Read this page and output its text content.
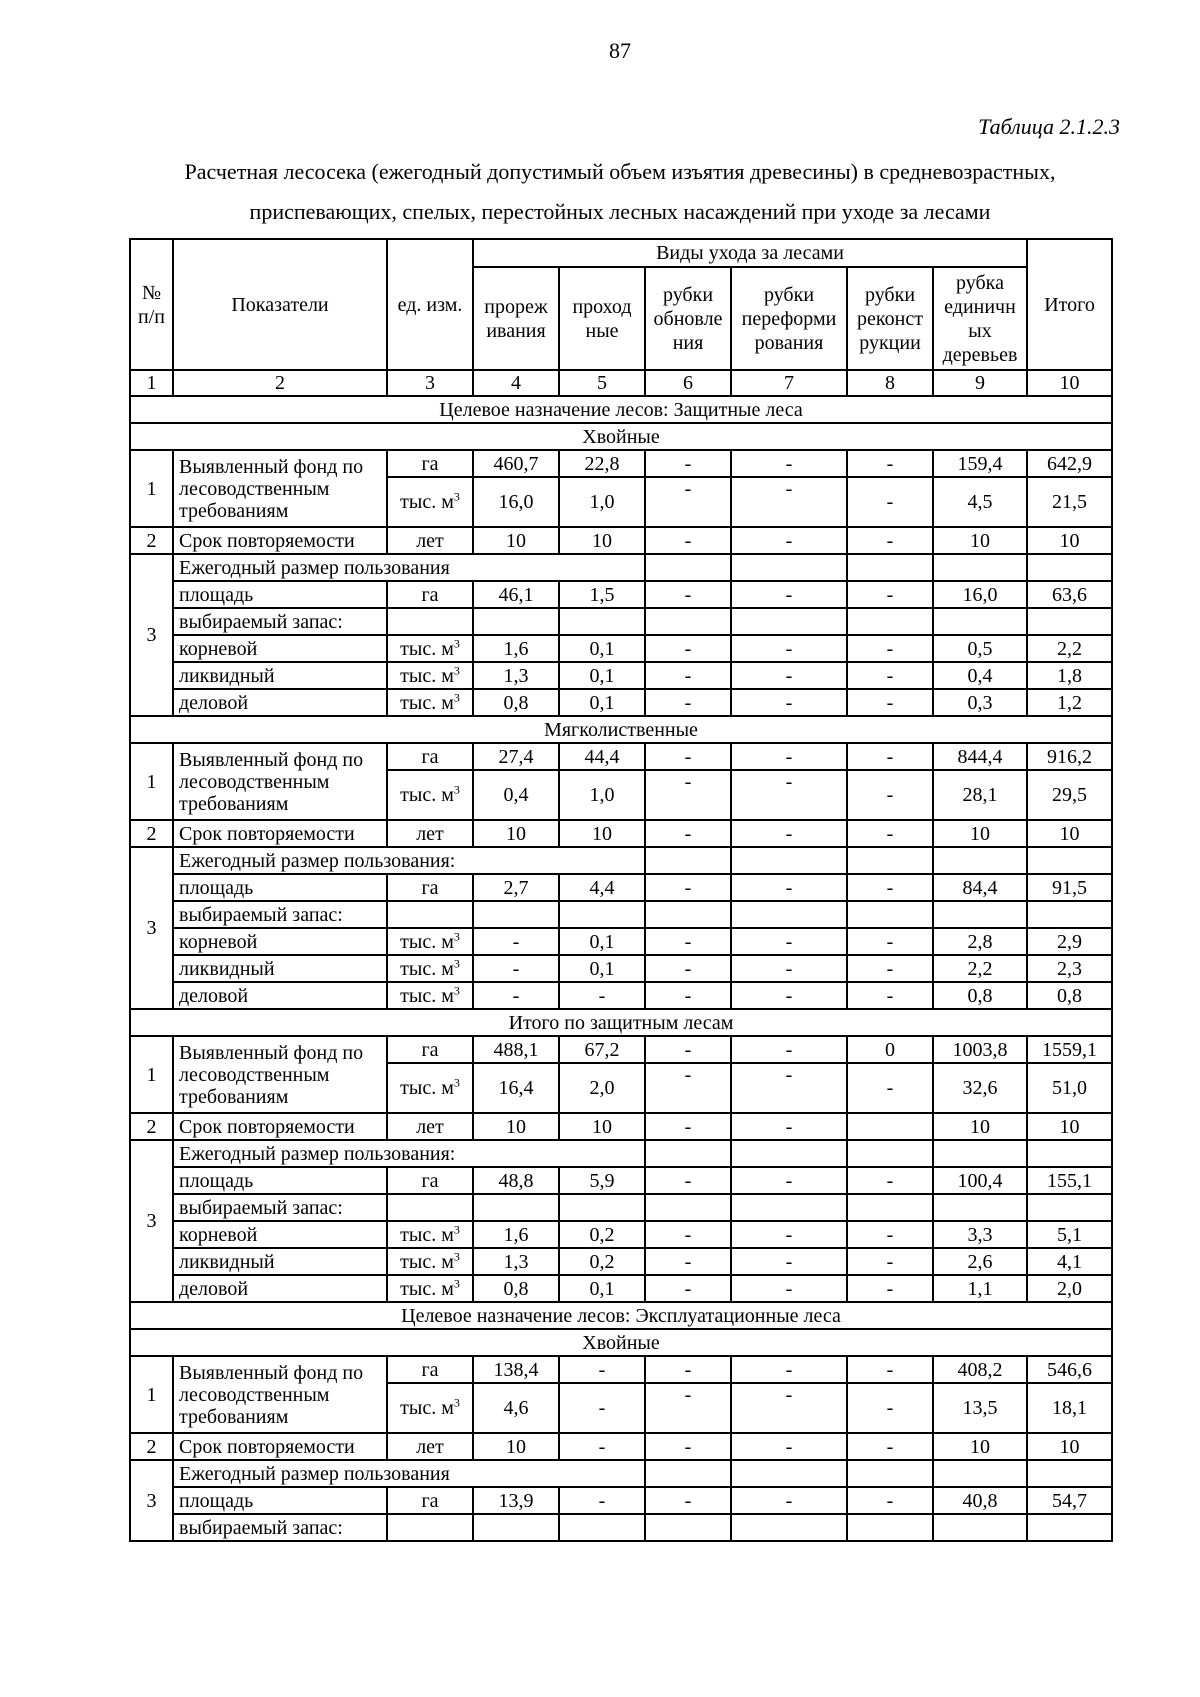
87
Таблица 2.1.2.3
Расчетная лесосека (ежегодный допустимый объем изъятия древесины) в средневозрастных,
приспевающих, спелых, перестойных лесных насаждений при уходе за лесами
№ п/п	Показатели	ед. изм.	Виды ухода за лесами						Итого
			прореж ивания	проход ные	рубки обновле ния	рубки переформи рования	рубки реконст рукции	рубка единичн ых деревьев	
1	2	3	4	5	6	7	8	9	10
Целевое назначение лесов: Защитные леса									
Хвойные									
1	Выявленный фонд по лесоводственным требованиям	га	460,7	22,8	-	-	-	159,4	642,9
		тыс. $м^3$	16,0	1,0	-	-	-	4,5	21,5
2	Срок повторяемости	лет	10	10	-	-	-	10	10
3	Ежегодный размер пользования								
	площадь	га	46,1	1,5	-	-	-	16,0	63,6
	выбираемый запас:								
	корневой	тыс. $м^3$	1,6	0,1	-	-	-	0,5	2,2
	ликвидный	тыс. $м^3$	1,3	0,1	-	-	-	0,4	1,8
	деловой	тыс. $м^3$	0,8	0,1	-	-	-	0,3	1,2
Мягколиственные									
1	Выявленный фонд по лесоводственным требованиям	га	27,4	44,4	-	-	-	844,4	916,2
		тыс. $м^3$	0,4	1,0	-	-	-	28,1	29,5
2	Срок повторяемости	лет	10	10	-	-	-	10	10
3	Ежегодный размер пользования:								
	площадь	га	2,7	4,4	-	-	-	84,4	91,5
	выбираемый запас:								
	корневой	тыс. $м^3$	-	0,1	-	-	-	2,8	2,9
	ликвидный	тыс. $м^3$	-	0,1	-	-	-	2,2	2,3
	деловой	тыс. $м^3$	-	-	-	-	-	0,8	0,8
Итого по защитным лесам									
1	Выявленный фонд по лесоводственным требованиям	га	488,1	67,2	-	-	0	1003,8	1559,1
		тыс. $м^3$	16,4	2,0	-	-	-	32,6	51,0
2	Срок повторяемости	лет	10	10	-	-		10	10
3	Ежегодный размер пользования:								
	площадь	га	48,8	5,9	-	-	-	100,4	155,1
	выбираемый запас:								
	корневой	тыс. $м^3$	1,6	0,2	-	-	-	3,3	5,1
	ликвидный	тыс. $м^3$	1,3	0,2	-	-	-	2,6	4,1
	деловой	тыс. $м^3$	0,8	0,1	-	-	-	1,1	2,0
Целевое назначение лесов: Эксплуатационные леса									
Хвойные									
1	Выявленный фонд по лесоводственным требованиям	га	138,4	-	-	-	-	408,2	546,6
		тыс. $м^3$	4,6	-	-	-	-	13,5	18,1
2	Срок повторяемости	лет	10	-	-	-	-	10	10
3	Ежегодный размер пользования								
	площадь	га	13,9	-	-	-	-	40,8	54,7
	выбираемый запас:								
